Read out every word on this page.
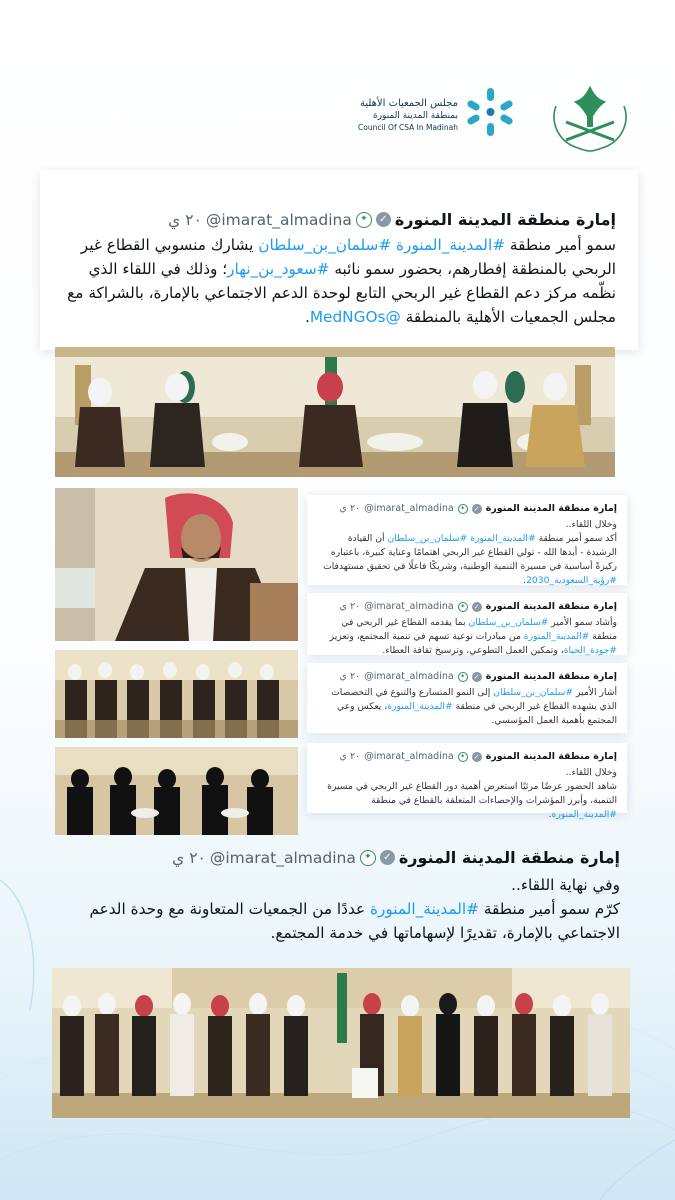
مجلس الجمعيات الأهلية
بمنطقة المدينة المنورة
Council Of CSA In Madinah
إمارة منطقة المدينة المنورة
✓
✦
@imarat_almadina
٢٠ ي
سمو أمير منطقة #المدينة_المنورة #سلمان_بن_سلطان يشارك منسوبي القطاع غير الربحي بالمنطقة إفطارهم، بحضور سمو نائبه #سعود_بن_نهار؛ وذلك في اللقاء الذي نظّمه مركز دعم القطاع غير الربحي التابع لوحدة الدعم الاجتماعي بالإمارة، بالشراكة مع مجلس الجمعيات الأهلية بالمنطقة @MedNGOs.
إمارة منطقة المدينة المنورة
✓
✦
@imarat_almadina
٢٠ ي
وخلال اللقاء..
أكد سمو أمير منطقة #المدينة_المنورة #سلمان_بن_سلطان أن القيادة الرشيدة - أيدها الله - تولي القطاع غير الربحي اهتمامًا وعناية كبيرة، باعتباره ركيزةً أساسية في مسيرة التنمية الوطنية، وشريكًا فاعلًا في تحقيق مستهدفات #رؤية_السعودية_2030.
إمارة منطقة المدينة المنورة
✓
✦
@imarat_almadina
٢٠ ي
وأشاد سمو الأمير #سلمان_بن_سلطان بما يقدمه القطاع غير الربحي في منطقة #المدينة_المنورة من مبادرات نوعية تسهم في تنمية المجتمع، وتعزيز #جودة_الحياة، وتمكين العمل التطوعي، وترسيخ ثقافة العطاء.
إمارة منطقة المدينة المنورة
✓
✦
@imarat_almadina
٢٠ ي
أشار الأمير #سلمان_بن_سلطان إلى النمو المتسارع والتنوع في التخصصات الذي يشهده القطاع غير الربحي في منطقة #المدينة_المنورة، يعكس وعي المجتمع بأهمية العمل المؤسسي.
إمارة منطقة المدينة المنورة
✓
✦
@imarat_almadina
٢٠ ي
وخلال اللقاء..
شاهد الحضور عرضًا مرئيًا استعرض أهمية دور القطاع غير الربحي في مسيرة التنمية، وأبرز المؤشرات والإحصاءات المتعلقة بالقطاع في منطقة #المدينة_المنورة.
إمارة منطقة المدينة المنورة
✓
✦
@imarat_almadina
٢٠ ي
وفي نهاية اللقاء..
كرّم سمو أمير منطقة #المدينة_المنورة عددًا من الجمعيات المتعاونة مع وحدة الدعم الاجتماعي بالإمارة، تقديرًا لإسهاماتها في خدمة المجتمع.
